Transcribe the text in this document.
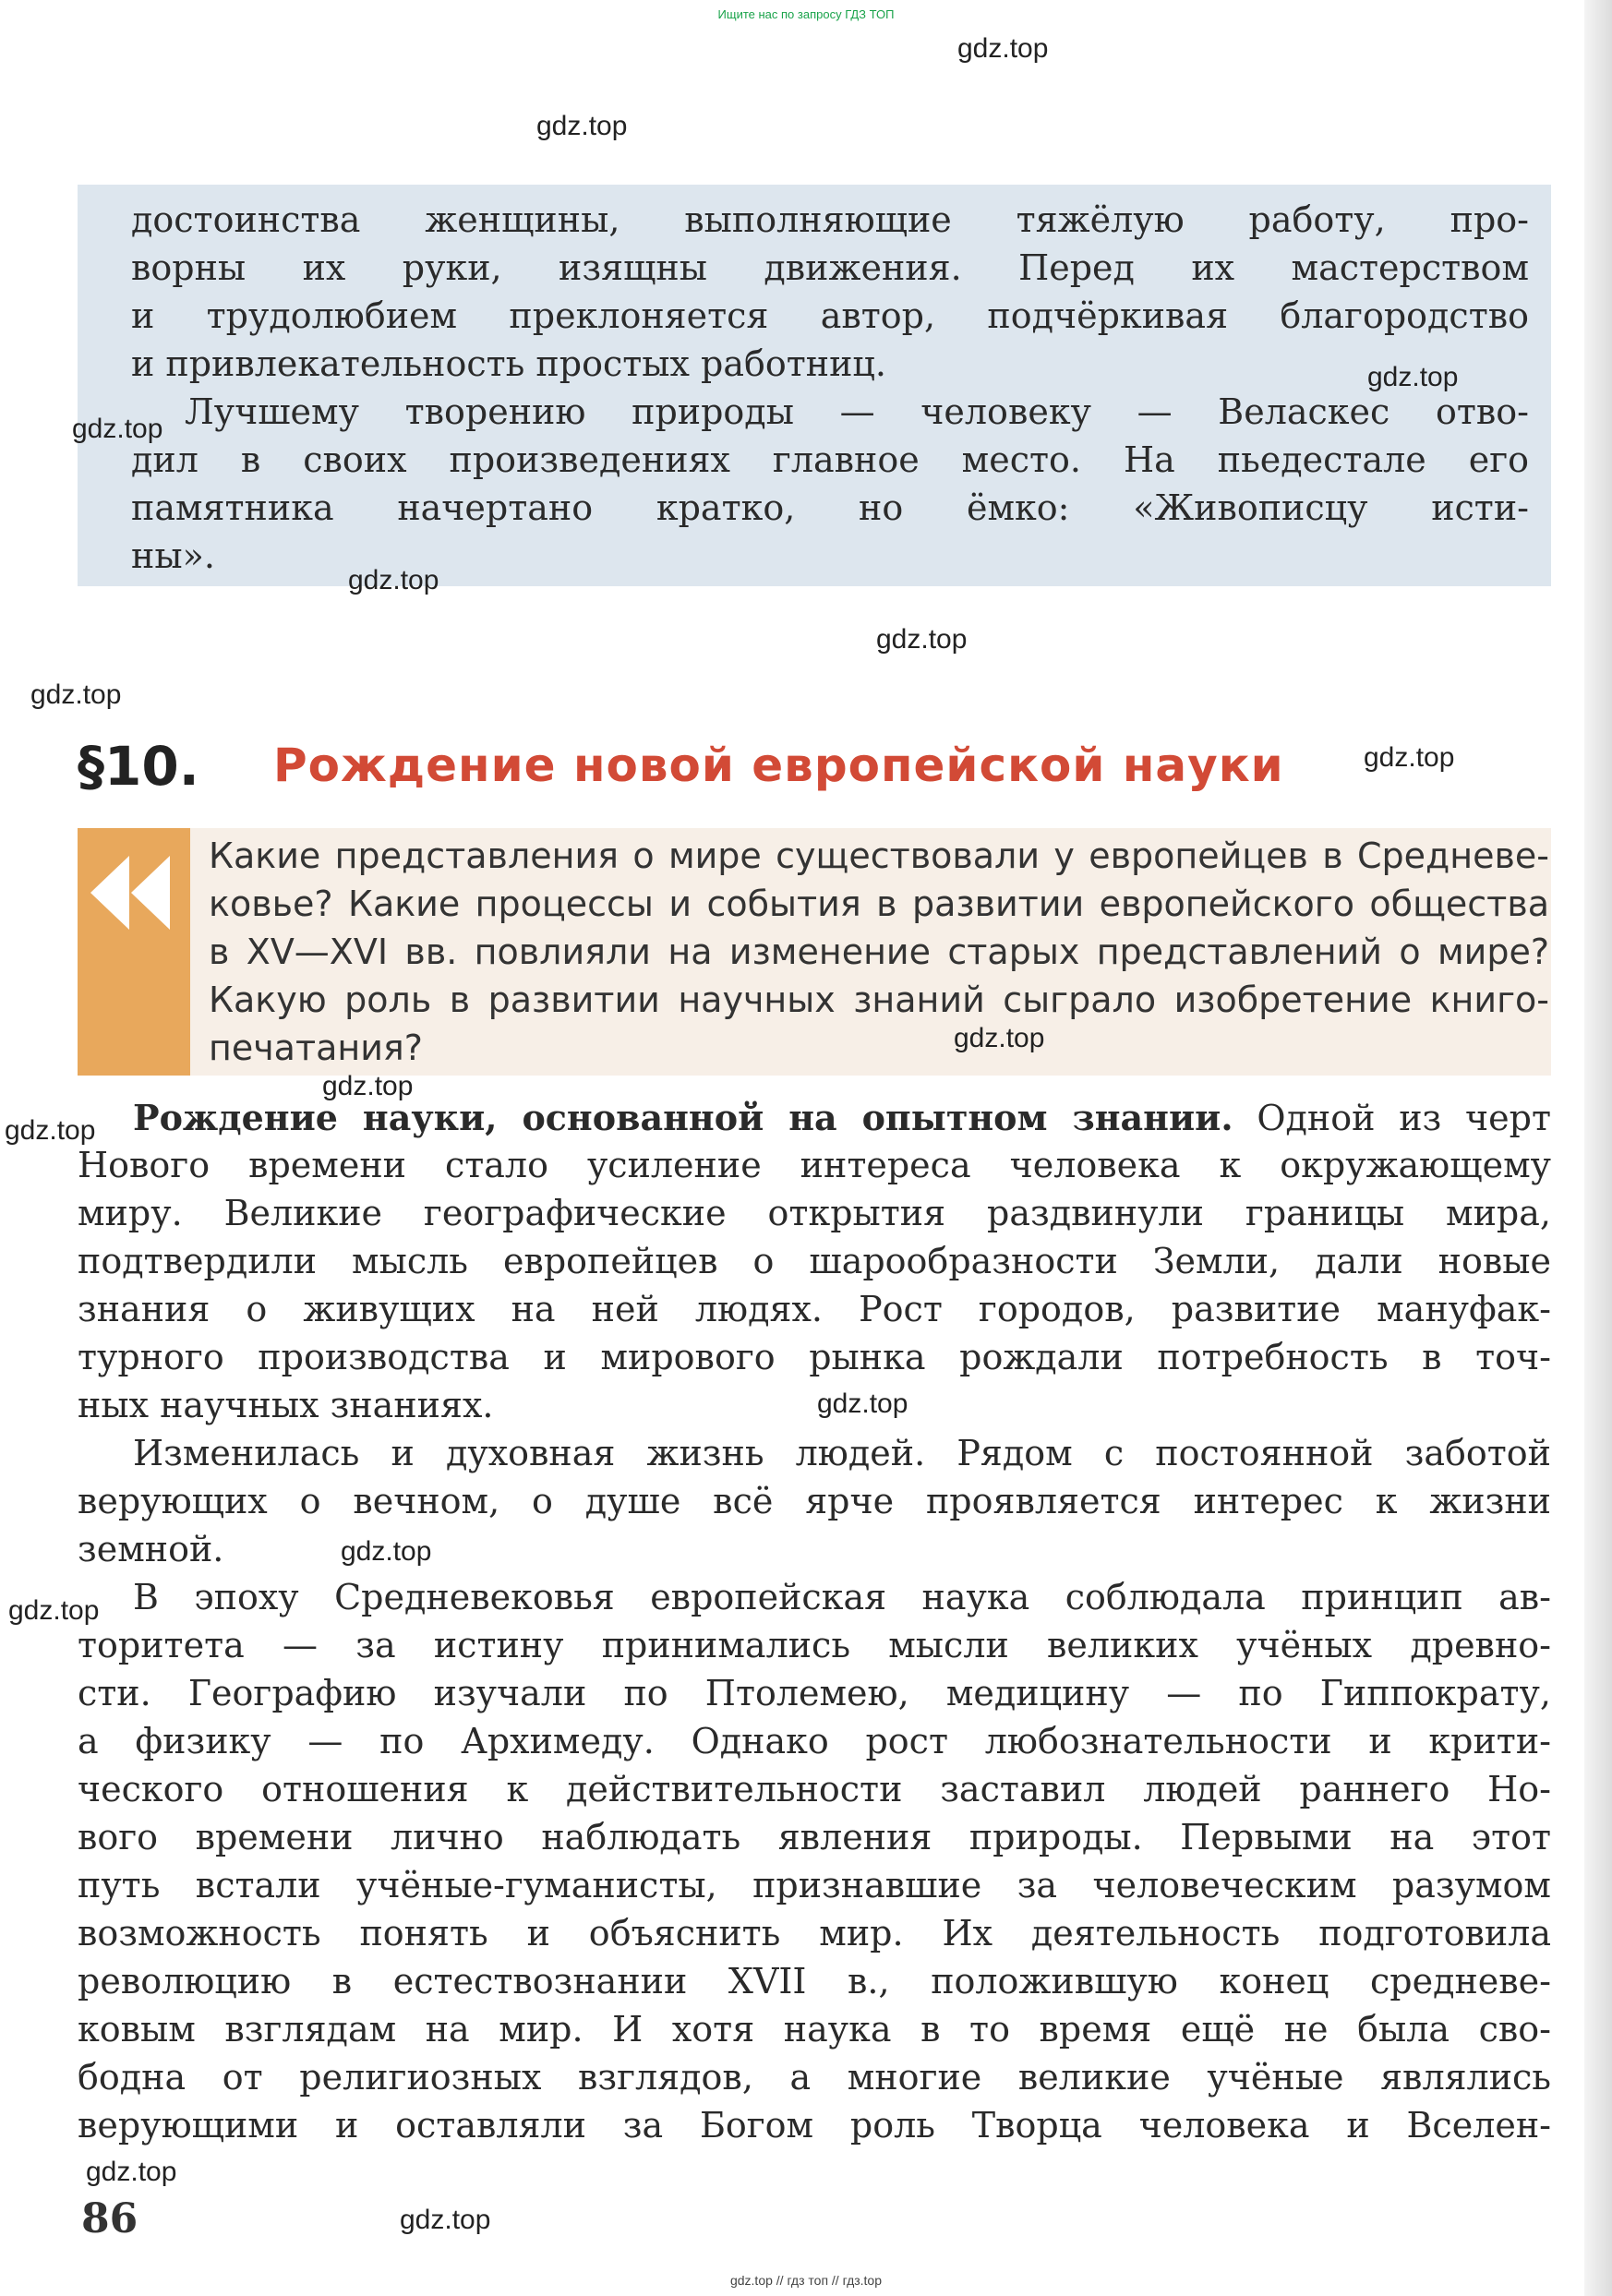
Ищите нас по запросу ГДЗ ТОП
достоинства женщины, выполняющие тяжёлую работу, про-
ворны их руки, изящны движения. Перед их мастерством
и трудолюбием преклоняется автор, подчёркивая благородство
и привлекательность простых работниц.
Лучшему творению природы — человеку — Веласкес отво-
дил в своих произведениях главное место. На пьедестале его
памятника начертано кратко, но ёмко: «Живописцу исти-
ны».
§10. Рождение новой европейской науки
Какие представления о мире существовали у европейцев в Средневе-
ковье? Какие процессы и события в развитии европейского общества
в XV—XVI вв. повлияли на изменение старых представлений о мире?
Какую роль в развитии научных знаний сыграло изобретение книго-
печатания?
Рождение науки, основанной на опытном знании. Одной из черт
Нового времени стало усиление интереса человека к окружающему
миру. Великие географические открытия раздвинули границы мира,
подтвердили мысль европейцев о шарообразности Земли, дали новые
знания о живущих на ней людях. Рост городов, развитие мануфак-
турного производства и мирового рынка рождали потребность в точ-
ных научных знаниях.
Изменилась и духовная жизнь людей. Рядом с постоянной заботой
верующих о вечном, о душе всё ярче проявляется интерес к жизни
земной.
В эпоху Средневековья европейская наука соблюдала принцип ав-
торитета — за истину принимались мысли великих учёных древно-
сти. Географию изучали по Птолемею, медицину — по Гиппократу,
а физику — по Архимеду. Однако рост любознательности и крити-
ческого отношения к действительности заставил людей раннего Но-
вого времени лично наблюдать явления природы. Первыми на этот
путь встали учёные-гуманисты, признавшие за человеческим разумом
возможность понять и объяснить мир. Их деятельность подготовила
революцию в естествознании XVII в., положившую конец средневе-
ковым взглядам на мир. И хотя наука в то время ещё не была сво-
бодна от религиозных взглядов, а многие великие учёные являлись
верующими и оставляли за Богом роль Творца человека и Вселен-
86
gdz.top
gdz.top
gdz.top
gdz.top
gdz.top
gdz.top
gdz.top
gdz.top
gdz.top
gdz.top
gdz.top
gdz.top
gdz.top
gdz.top
gdz.top
gdz.top
gdz.top // гдз топ // гдз.top
